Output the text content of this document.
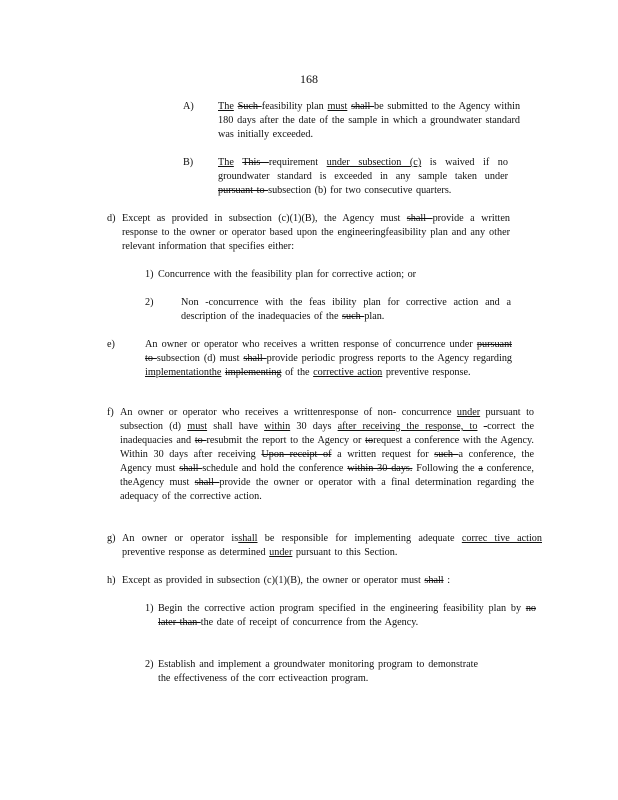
168
A) The Such feasibility plan must shall be submitted to the Agency within 180 days after the date of the sample in which a groundwater standard was initially exceeded.
B) The This requirement under subsection (c) is waived if no groundwater standard is exceeded in any sample taken under pursuant to subsection (b) for two consecutive quarters.
d) Except as provided in subsection (c)(1)(B), the Agency must shall provide a written response to the owner or operator based upon the engineeringfeasibility plan and any other relevant information that specifies either:
1) Concurrence with the feasibility plan for corrective action; or
2)	Non -concurrence with the feas ibility plan for corrective action and a description of the inadequacies of the such plan.
e)	An owner or operator who receives a written response of concurrence under pursuant to subsection (d) must shall provide periodic progress reports to the Agency regarding implementationthe implementing of the corrective action preventive response.
f) An owner or operator who receives a writtenresponse of non- concurrence under pursuant to subsection (d) must shall have within 30 days after receiving the response, to -correct the inadequacies and to resubmit the report to the Agency or torequest a conference with the Agency. Within 30 days after receiving Upon receipt of a written request for such a conference, the Agency must shall schedule and hold the conference within 30 days. Following the a conference, theAgency must shall provide the owner or operator with a final determination regarding the adequacy of the corrective action.
g) An owner or operator isshall be responsible for implementing adequate correc tive action preventive response as determined under pursuant to this Section.
h) Except as provided in subsection (c)(1)(B), the owner or operator must shall :
1) Begin the corrective action program specified in the engineering feasibility plan by no later than the date of receipt of concurrence from the Agency.
2) Establish and implement a groundwater monitoring program to demonstrate the effectiveness of the corr ectiveaction program.
